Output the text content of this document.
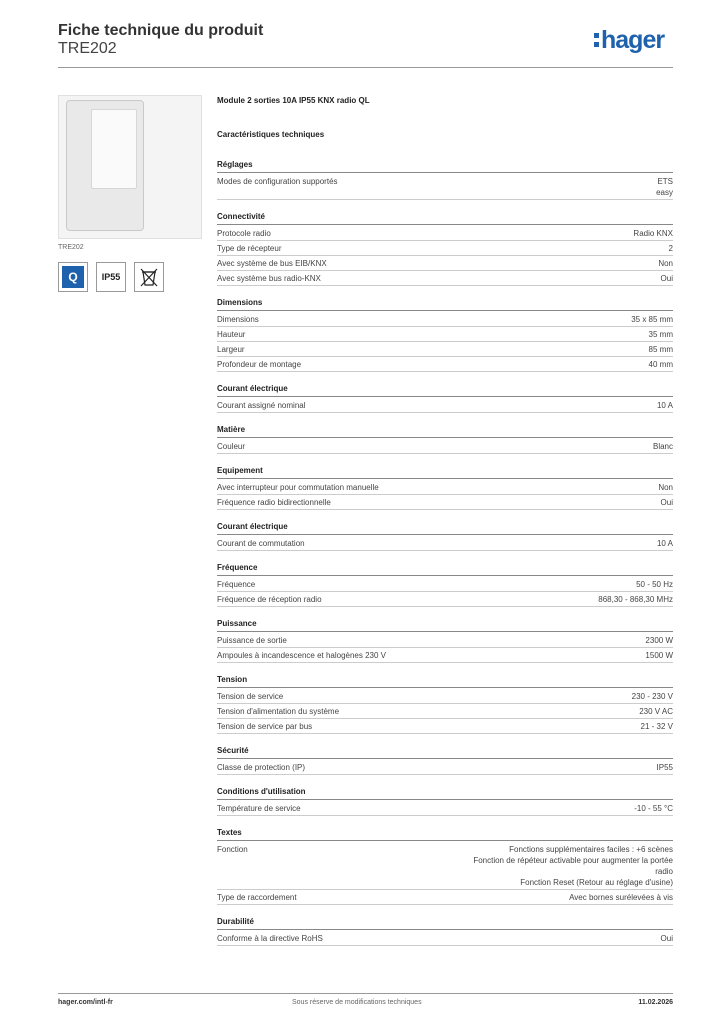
Fiche technique du produit
TRE202	hager
TRE202
Q	IP55
Module 2 sorties 10A IP55 KNX radio QL
Caractéristiques techniques
Réglages
Modes de configuration supportés	ETS
easy
Connectivité
Protocole radio	Radio KNX
Type de récepteur	2
Avec système de bus EIB/KNX	Non
Avec système bus radio-KNX	Oui
Dimensions
Dimensions	35 x 85 mm
Hauteur	35 mm
Largeur	85 mm
Profondeur de montage	40 mm
Courant électrique
Courant assigné nominal	10 A
Matière
Couleur	Blanc
Equipement
Avec interrupteur pour commutation manuelle	Non
Fréquence radio bidirectionnelle	Oui
Courant électrique
Courant de commutation	10 A
Fréquence
Fréquence	50 - 50 Hz
Fréquence de réception radio	868,30 - 868,30 MHz
Puissance
Puissance de sortie	2300 W
Ampoules à incandescence et halogènes 230 V	1500 W
Tension
Tension de service	230 - 230 V
Tension d'alimentation du système	230 V AC
Tension de service par bus	21 - 32 V
Sécurité
Classe de protection (IP)	IP55
Conditions d'utilisation
Température de service	-10 - 55 °C
Textes
Fonction	Fonctions supplémentaires faciles : +6 scènes
Fonction de répéteur activable pour augmenter la portée
radio
Fonction Reset (Retour au réglage d'usine)
Type de raccordement	Avec bornes surélevées à vis
Durabilité
Conforme à la directive RoHS	Oui
hager.com/intl-fr	Sous réserve de modifications techniques	11.02.2026
